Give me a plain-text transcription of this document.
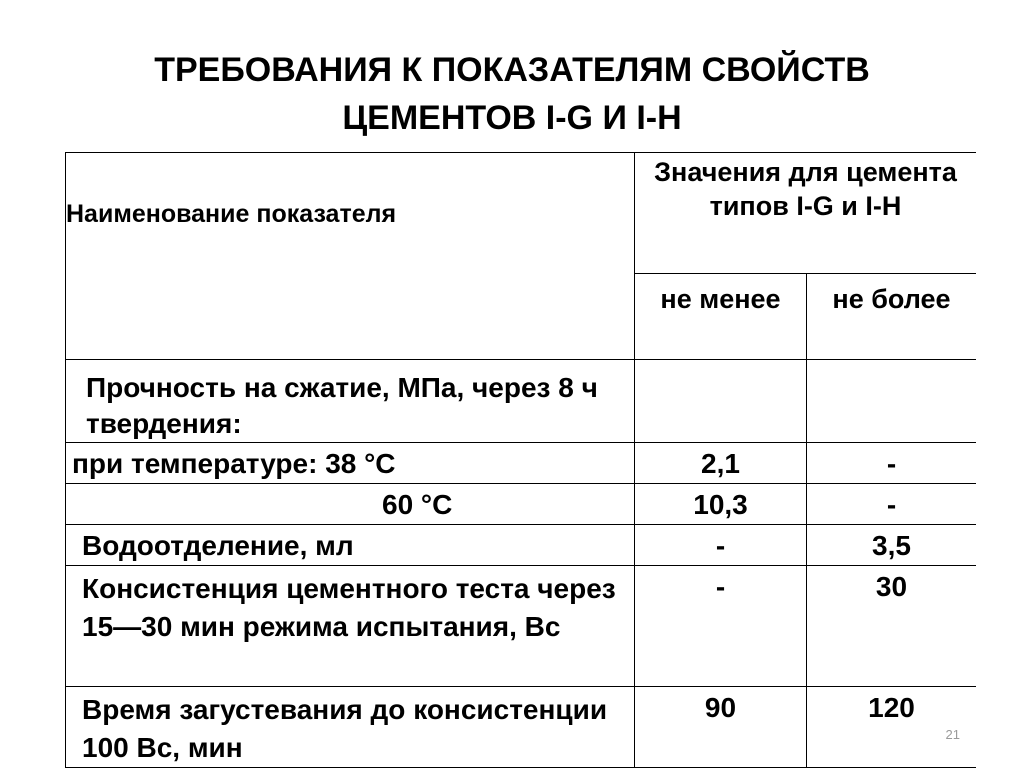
ТРЕБОВАНИЯ К ПОКАЗАТЕЛЯМ СВОЙСТВ
ЦЕМЕНТОВ I-G И I-H
Наименование показателя	Значения для цемента типов I-G и I-H	

	не менее	не более

Прочность на сжатие, МПа, через 8 ч твердения:		

при температуре: 38 °C	2,1	-

60 °C	10,3	-

Водоотделение, мл	-	3,5

Консистенция цементного теста через 15—30 мин режима испытания, Вс	-	30

Время загустевания до консистенции 100 Вс, мин	90	120
21
